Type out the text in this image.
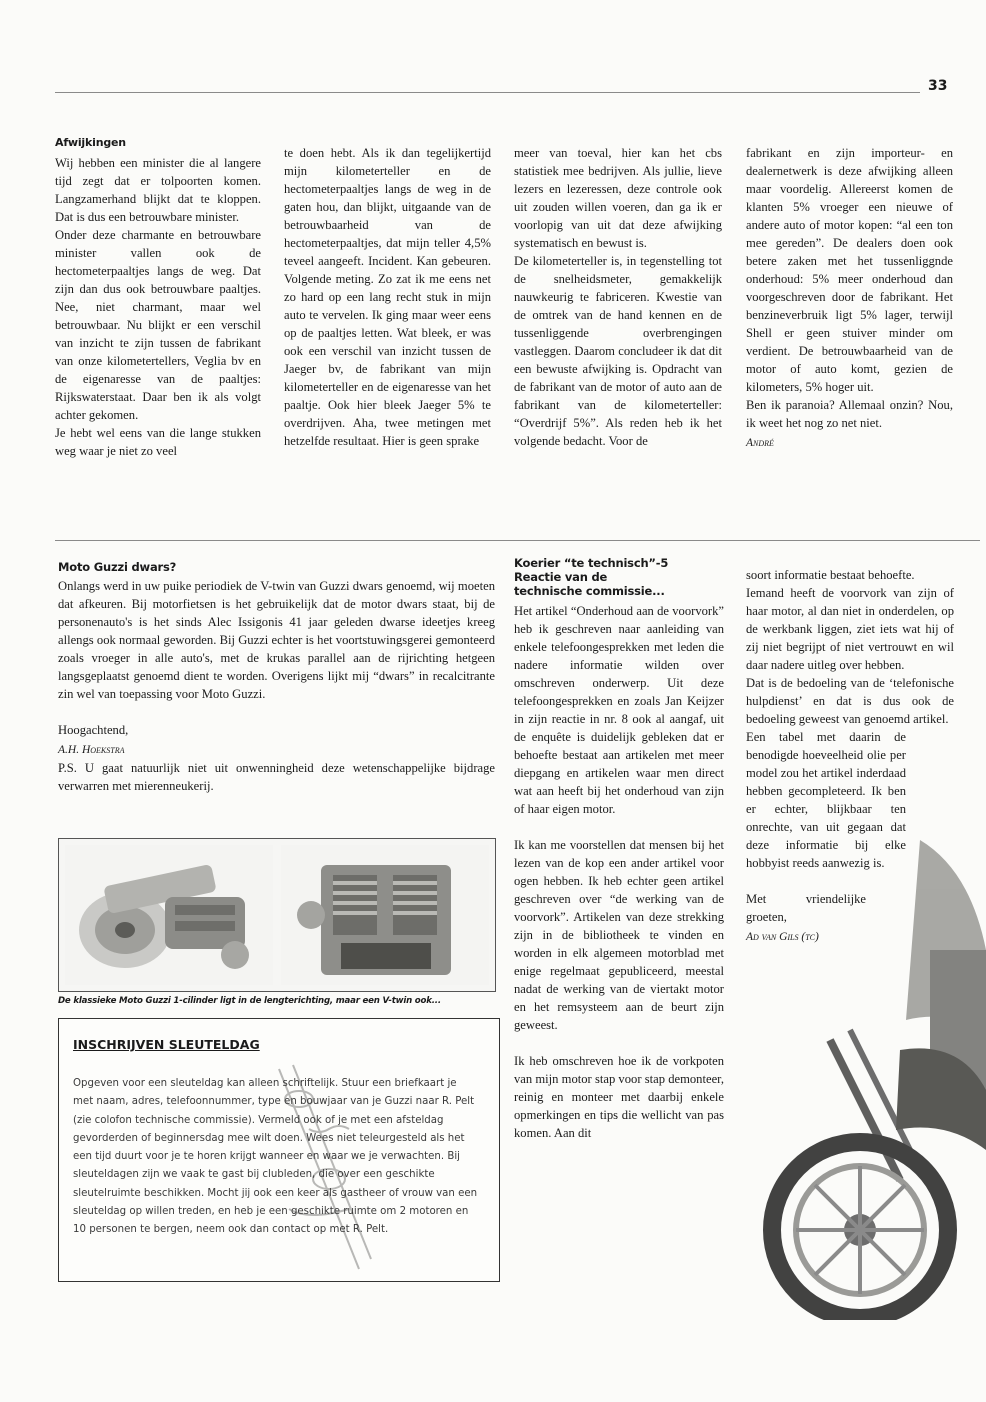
33
Afwijkingen

Wij hebben een minister die al langere tijd zegt dat er tolpoorten komen. Langzamerhand blijkt dat te kloppen. Dat is dus een betrouwbare minister.

Onder deze charmante en betrouwbare minister vallen ook de hectometerpaaltjes langs de weg. Dat zijn dan dus ook betrouwbare paaltjes. Nee, niet charmant, maar wel betrouwbaar. Nu blijkt er een verschil van inzicht te zijn tussen de fabrikant van onze kilometertellers, Veglia bv en de eigenaresse van de paaltjes: Rijkswaterstaat. Daar ben ik als volgt achter gekomen.

Je hebt wel eens van die lange stukken weg waar je niet zo veel

te doen hebt. Als ik dan tegelijkertijd mijn kilometerteller en de hectometerpaaltjes langs de weg in de gaten hou, dan blijkt, uitgaande van de betrouwbaarheid van de hectometerpaaltjes, dat mijn teller 4,5% teveel aangeeft. Incident. Kan gebeuren. Volgende meting. Zo zat ik me eens net zo hard op een lang recht stuk in mijn auto te vervelen. Ik ging maar weer eens op de paaltjes letten. Wat bleek, er was ook een verschil van inzicht tussen de Jaeger bv, de fabrikant van mijn kilometerteller en de eigenaresse van het paaltje. Ook hier bleek Jaeger 5% te overdrijven. Aha, twee metingen met hetzelfde resultaat. Hier is geen sprake

meer van toeval, hier kan het cbs statistiek mee bedrijven. Als jullie, lieve lezers en lezeressen, deze controle ook uit zouden willen voeren, dan ga ik er voorlopig van uit dat deze afwijking systematisch en bewust is.

De kilometerteller is, in tegenstelling tot de snelheidsmeter, gemakkelijk nauwkeurig te fabriceren. Kwestie van de omtrek van de hand kennen en de tussenliggende overbrengingen vastleggen. Daarom concludeer ik dat dit een bewuste afwijking is. Opdracht van de fabrikant van de motor of auto aan de fabrikant van de kilometerteller: “Overdrijf 5%”. Als reden heb ik het volgende bedacht. Voor de

fabrikant en zijn importeur- en dealernetwerk is deze afwijking alleen maar voordelig. Allereerst komen de klanten 5% vroeger een nieuwe of andere auto of motor kopen: “al een ton mee gereden”. De dealers doen ook betere zaken met het tussenliggnde onderhoud: 5% meer onderhoud dan voorgeschreven door de fabrikant. Het benzineverbruik ligt 5% lager, terwijl Shell er geen stuiver minder om verdient. De betrouwbaarheid van de motor of auto komt, gezien de kilometers, 5% hoger uit.

Ben ik paranoia? Allemaal onzin? Nou, ik weet het nog zo net niet.

André
Moto Guzzi dwars?

Onlangs werd in uw puike periodiek de V-twin van Guzzi dwars genoemd, wij moeten dat afkeuren. Bij motorfietsen is het gebruikelijk dat de motor dwars staat, bij de personenauto's is het sinds Alec Issigonis 41 jaar geleden dwarse ideetjes kreeg allengs ook normaal geworden. Bij Guzzi echter is het voortstuwingsgerei gemonteerd zoals vroeger in alle auto's, met de krukas parallel aan de rijrichting hetgeen langsgeplaatst genoemd dient te worden. Overigens lijkt mij “dwars” in recalcitrante zin wel van toepassing voor Moto Guzzi.

Hoogachtend,

A.H. Hoekstra

P.S. U gaat natuurlijk niet uit onwenningheid deze wetenschappelijke bijdrage verwarren met mierenneukerij.

De klassieke Moto Guzzi 1-cilinder ligt in de lengterichting, maar een V-twin ook...
INSCHRIJVEN SLEUTELDAG

Opgeven voor een sleuteldag kan alleen schriftelijk. Stuur een briefkaart je met naam, adres, telefoonnummer, type en bouwjaar van je Guzzi naar R. Pelt (zie colofon technische commissie). Vermeld ook of je met een afsteldag gevorderden of beginnersdag mee wilt doen. Wees niet teleurgesteld als het een tijd duurt voor je te horen krijgt wanneer en waar we je verwachten. Bij sleuteldagen zijn we vaak te gast bij clubleden, die over een geschikte sleutelruimte beschikken. Mocht jij ook een keer als gastheer of vrouw van een sleuteldag op willen treden, en heb je een geschikte ruimte om 2 motoren en 10 personen te bergen, neem ook dan contact op met R. Pelt.

Koerier “te technisch”-5
Reactie van de
technische commissie...

Het artikel “Onderhoud aan de voorvork” heb ik geschreven naar aanleiding van enkele telefoongesprekken met leden die nadere informatie wilden over omschreven onderwerp. Uit deze telefoongesprekken en zoals Jan Keijzer in zijn reactie in nr. 8 ook al aangaf, uit de enquête is duidelijk gebleken dat er behoefte bestaat aan artikelen met meer diepgang en artikelen waar men direct wat aan heeft bij het onderhoud van zijn of haar eigen motor.

Ik kan me voorstellen dat mensen bij het lezen van de kop een ander artikel voor ogen hebben. Ik heb echter geen artikel geschreven over “de werking van de voorvork”. Artikelen van deze strekking zijn in de bibliotheek te vinden en worden in elk algemeen motorblad met enige regelmaat gepubliceerd, meestal nadat de werking van de viertakt motor en het remsysteem aan de beurt zijn geweest.

Ik heb omschreven hoe ik de vorkpoten van mijn motor stap voor stap demonteer, reinig en monteer met daarbij enkele opmerkingen en tips die wellicht van pas komen. Aan dit

soort informatie bestaat behoefte.

Iemand heeft de voorvork van zijn of haar motor, al dan niet in onderdelen, op de werkbank liggen, ziet iets wat hij of zij niet begrijpt of niet vertrouwt en wil daar nadere uitleg over hebben.

Dat is de bedoeling van de ‘telefonische hulpdienst’ en dat is dus ook de bedoeling geweest van genoemd artikel.

Een tabel met daarin de benodigde hoeveelheid olie per model zou het artikel inderdaad hebben gecompleteerd. Ik ben er echter, blijkbaar ten onrechte, van uit gegaan dat deze informatie bij elke hobbyist reeds aanwezig is.

Met vriendelijke groeten,

Ad van Gils (tc)
